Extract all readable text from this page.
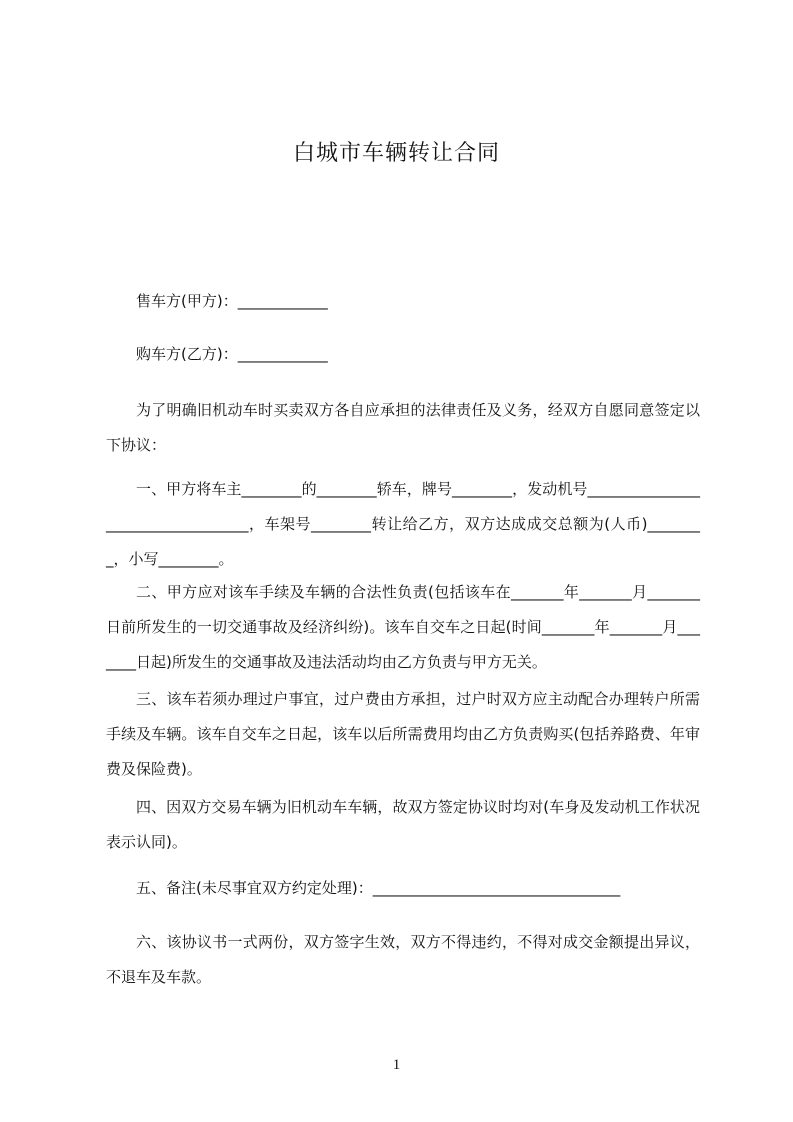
白城市车辆转让合同
售车方(甲方)：____________
购车方(乙方)：____________
为了明确旧机动车时买卖双方各自应承担的法律责任及义务，经双方自愿同意签定以下协议：
一、甲方将车主________的________轿车，牌号________，发动机号__________________________________，车架号________转让给乙方，双方达成成交总额为(人币)________，小写________。
二、甲方应对该车手续及车辆的合法性负责(包括该车在_______年_______月_______日前所发生的一切交通事故及经济纠纷)。该车自交车之日起(时间_______年_______月_______日起)所发生的交通事故及违法活动均由乙方负责与甲方无关。
三、该车若须办理过户事宜，过户费由方承担，过户时双方应主动配合办理转户所需手续及车辆。该车自交车之日起，该车以后所需费用均由乙方负责购买(包括养路费、年审费及保险费)。
四、因双方交易车辆为旧机动车车辆，故双方签定协议时均对(车身及发动机工作状况表示认同)。
五、备注(未尽事宜双方约定处理)：_________________________________
六、该协议书一式两份，双方签字生效，双方不得违约，不得对成交金额提出异议，不退车及车款。
1
